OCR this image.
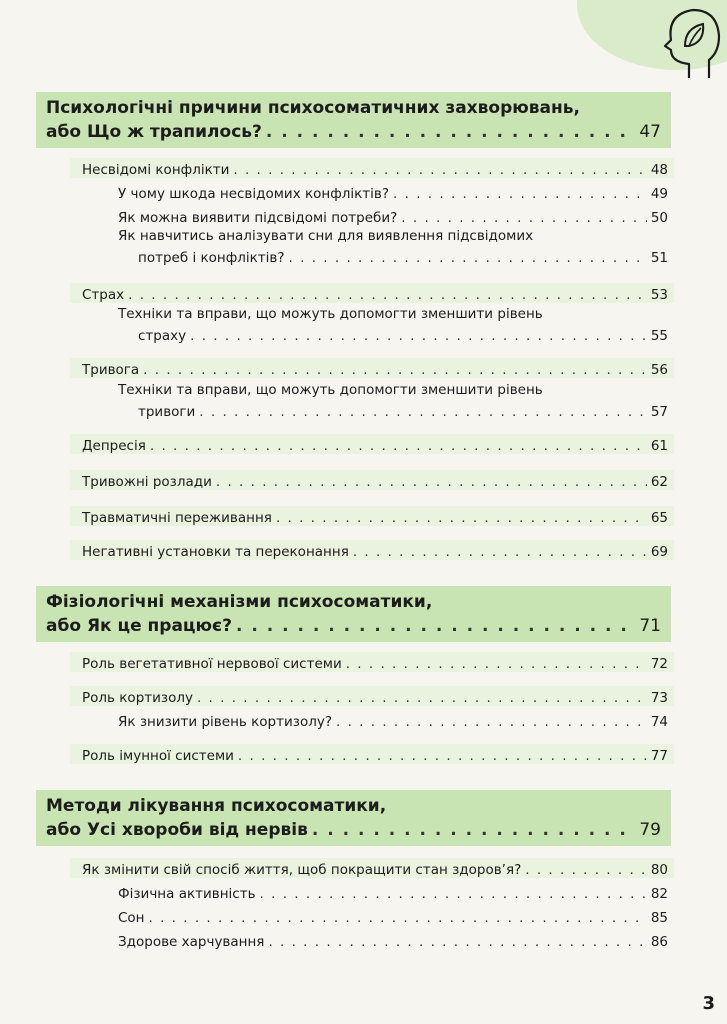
Психологічні причини психосоматичних захворювань,
або Що ж трапилось? . . .	47
Несвідомі конфлікти . . .	48
У чому шкода несвідомих конфліктів? . . .	49
Як можна виявити підсвідомі потреби? . . .	50
Як навчитись аналізувати сни для виявлення підсвідомих
потреб і конфліктів? . . .	51
Страх . . .	53
Техніки та вправи, що можуть допомогти зменшити рівень
страху . . .	55
Тривога . . .	56
Техніки та вправи, що можуть допомогти зменшити рівень
тривоги . . .	57
Депресія . . .	61
Тривожні розлади . . .	62
Травматичні переживання . . .	65
Негативні установки та переконання . . .	69
Фізіологічні механізми психосоматики,
або Як це працює? . . .	71
Роль вегетативної нервової системи . . .	72
Роль кортизолу . . .	73
Як знизити рівень кортизолу? . . .	74
Роль імунної системи . . .	77
Методи лікування психосоматики,
або Усі хвороби від нервів . . .	79
Як змінити свій спосіб життя, щоб покращити стан здоров’я? . . .	80
Фізична активність . . .	82
Сон . . .	85
Здорове харчування . . .	86
3
